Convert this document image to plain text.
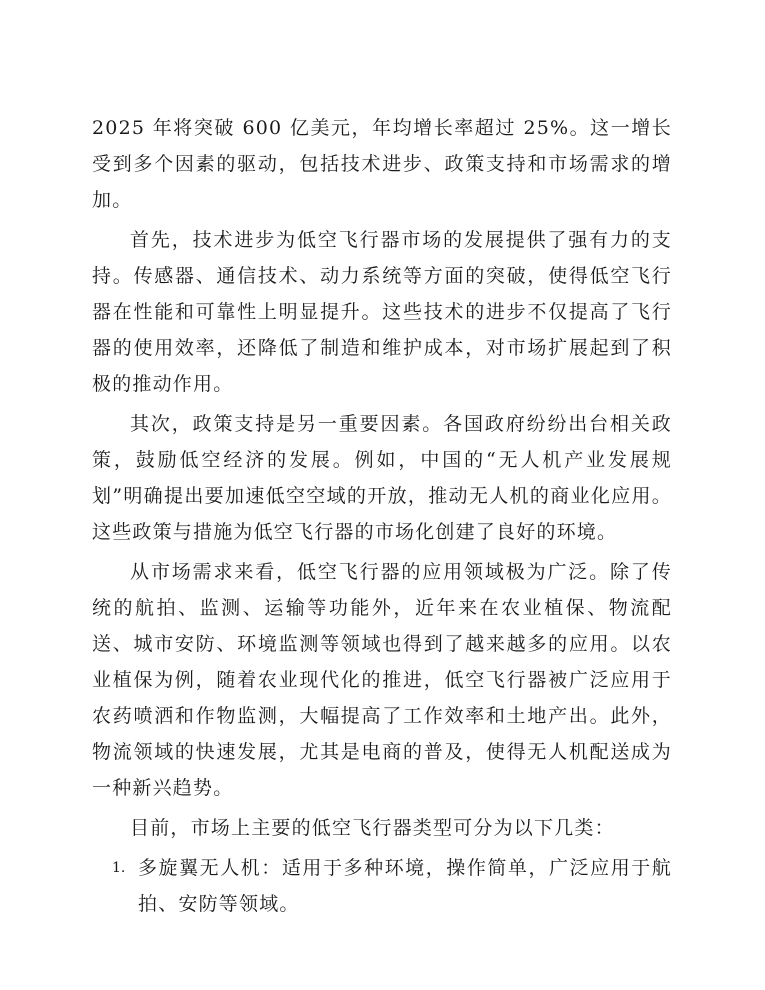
2025 年将突破 600 亿美元，年均增长率超过 25%。这一增长受到多个因素的驱动，包括技术进步、政策支持和市场需求的增加。

首先，技术进步为低空飞行器市场的发展提供了强有力的支持。传感器、通信技术、动力系统等方面的突破，使得低空飞行器在性能和可靠性上明显提升。这些技术的进步不仅提高了飞行器的使用效率，还降低了制造和维护成本，对市场扩展起到了积极的推动作用。

其次，政策支持是另一重要因素。各国政府纷纷出台相关政策，鼓励低空经济的发展。例如，中国的“无人机产业发展规划”明确提出要加速低空空域的开放，推动无人机的商业化应用。这些政策与措施为低空飞行器的市场化创建了良好的环境。

从市场需求来看，低空飞行器的应用领域极为广泛。除了传统的航拍、监测、运输等功能外，近年来在农业植保、物流配送、城市安防、环境监测等领域也得到了越来越多的应用。以农业植保为例，随着农业现代化的推进，低空飞行器被广泛应用于农药喷洒和作物监测，大幅提高了工作效率和土地产出。此外，物流领域的快速发展，尤其是电商的普及，使得无人机配送成为一种新兴趋势。

目前，市场上主要的低空飞行器类型可分为以下几类：

1. 多旋翼无人机：适用于多种环境，操作简单，广泛应用于航拍、安防等领域。
